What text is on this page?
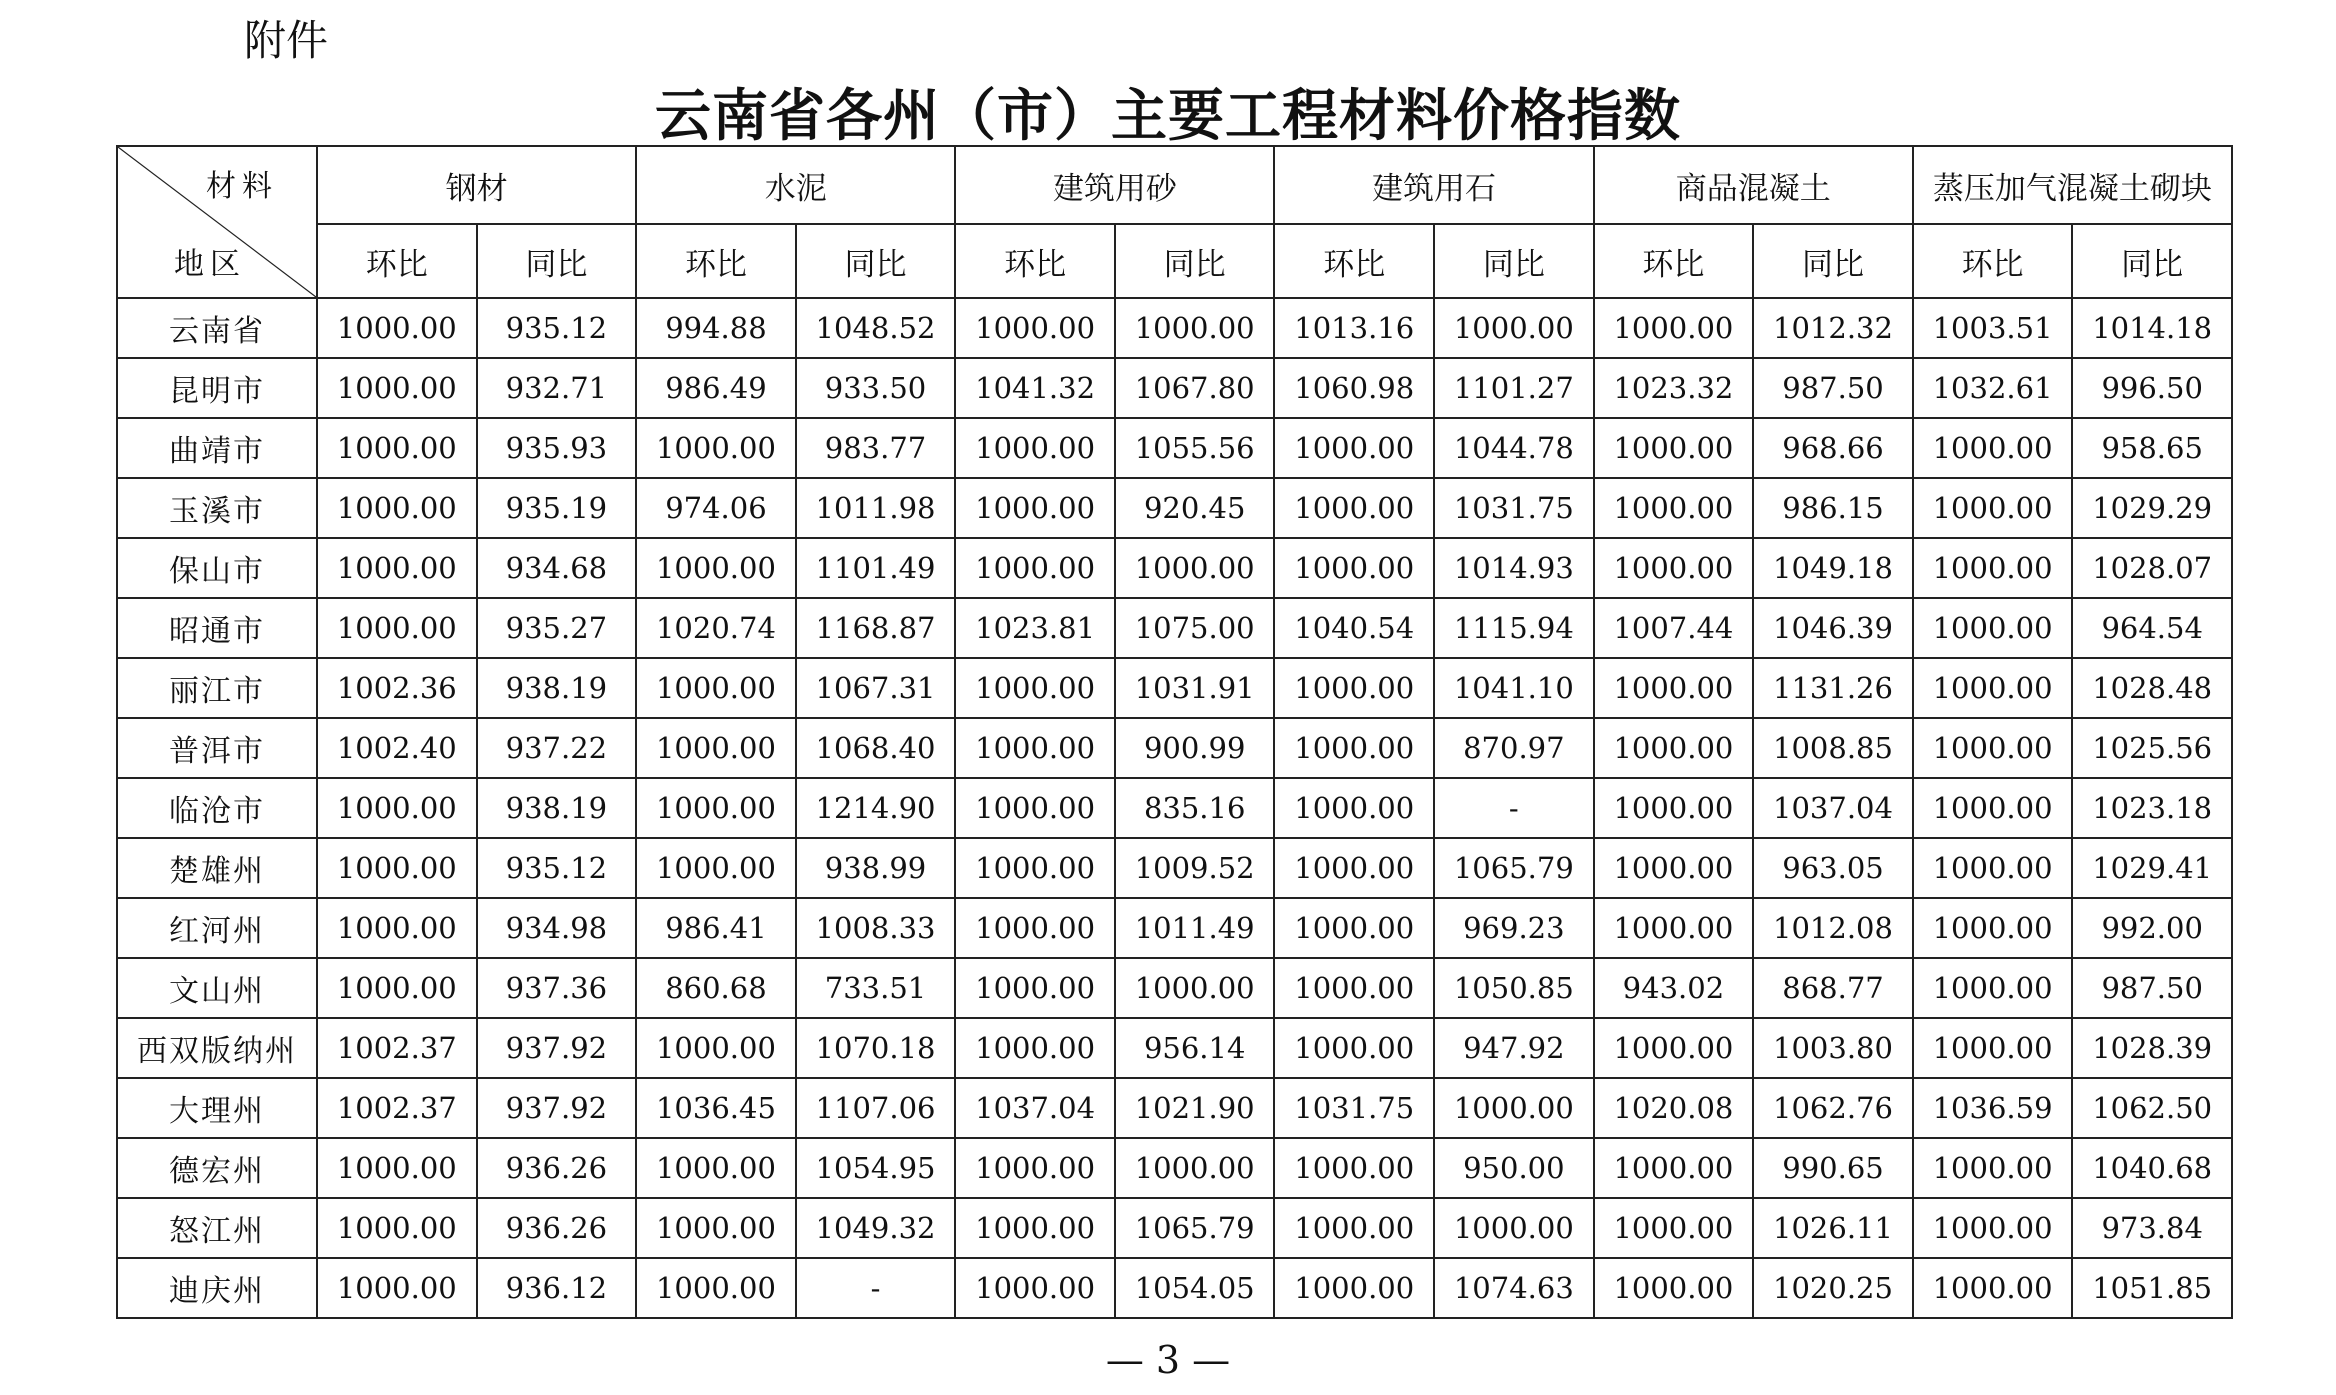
附件
云南省各州（市）主要工程材料价格指数
材料
地区	钢材		水泥		建筑用砂		建筑用石		商品混凝土		蒸压加气混凝土砌块	
	环比	同比	环比	同比	环比	同比	环比	同比	环比	同比	环比	同比
云南省	1000.00	935.12	994.88	1048.52	1000.00	1000.00	1013.16	1000.00	1000.00	1012.32	1003.51	1014.18
昆明市	1000.00	932.71	986.49	933.50	1041.32	1067.80	1060.98	1101.27	1023.32	987.50	1032.61	996.50
曲靖市	1000.00	935.93	1000.00	983.77	1000.00	1055.56	1000.00	1044.78	1000.00	968.66	1000.00	958.65
玉溪市	1000.00	935.19	974.06	1011.98	1000.00	920.45	1000.00	1031.75	1000.00	986.15	1000.00	1029.29
保山市	1000.00	934.68	1000.00	1101.49	1000.00	1000.00	1000.00	1014.93	1000.00	1049.18	1000.00	1028.07
昭通市	1000.00	935.27	1020.74	1168.87	1023.81	1075.00	1040.54	1115.94	1007.44	1046.39	1000.00	964.54
丽江市	1002.36	938.19	1000.00	1067.31	1000.00	1031.91	1000.00	1041.10	1000.00	1131.26	1000.00	1028.48
普洱市	1002.40	937.22	1000.00	1068.40	1000.00	900.99	1000.00	870.97	1000.00	1008.85	1000.00	1025.56
临沧市	1000.00	938.19	1000.00	1214.90	1000.00	835.16	1000.00	-	1000.00	1037.04	1000.00	1023.18
楚雄州	1000.00	935.12	1000.00	938.99	1000.00	1009.52	1000.00	1065.79	1000.00	963.05	1000.00	1029.41
红河州	1000.00	934.98	986.41	1008.33	1000.00	1011.49	1000.00	969.23	1000.00	1012.08	1000.00	992.00
文山州	1000.00	937.36	860.68	733.51	1000.00	1000.00	1000.00	1050.85	943.02	868.77	1000.00	987.50
西双版纳州	1002.37	937.92	1000.00	1070.18	1000.00	956.14	1000.00	947.92	1000.00	1003.80	1000.00	1028.39
大理州	1002.37	937.92	1036.45	1107.06	1037.04	1021.90	1031.75	1000.00	1020.08	1062.76	1036.59	1062.50
德宏州	1000.00	936.26	1000.00	1054.95	1000.00	1000.00	1000.00	950.00	1000.00	990.65	1000.00	1040.68
怒江州	1000.00	936.26	1000.00	1049.32	1000.00	1065.79	1000.00	1000.00	1000.00	1026.11	1000.00	973.84
迪庆州	1000.00	936.12	1000.00	-	1000.00	1054.05	1000.00	1074.63	1000.00	1020.25	1000.00	1051.85
— 3 —
